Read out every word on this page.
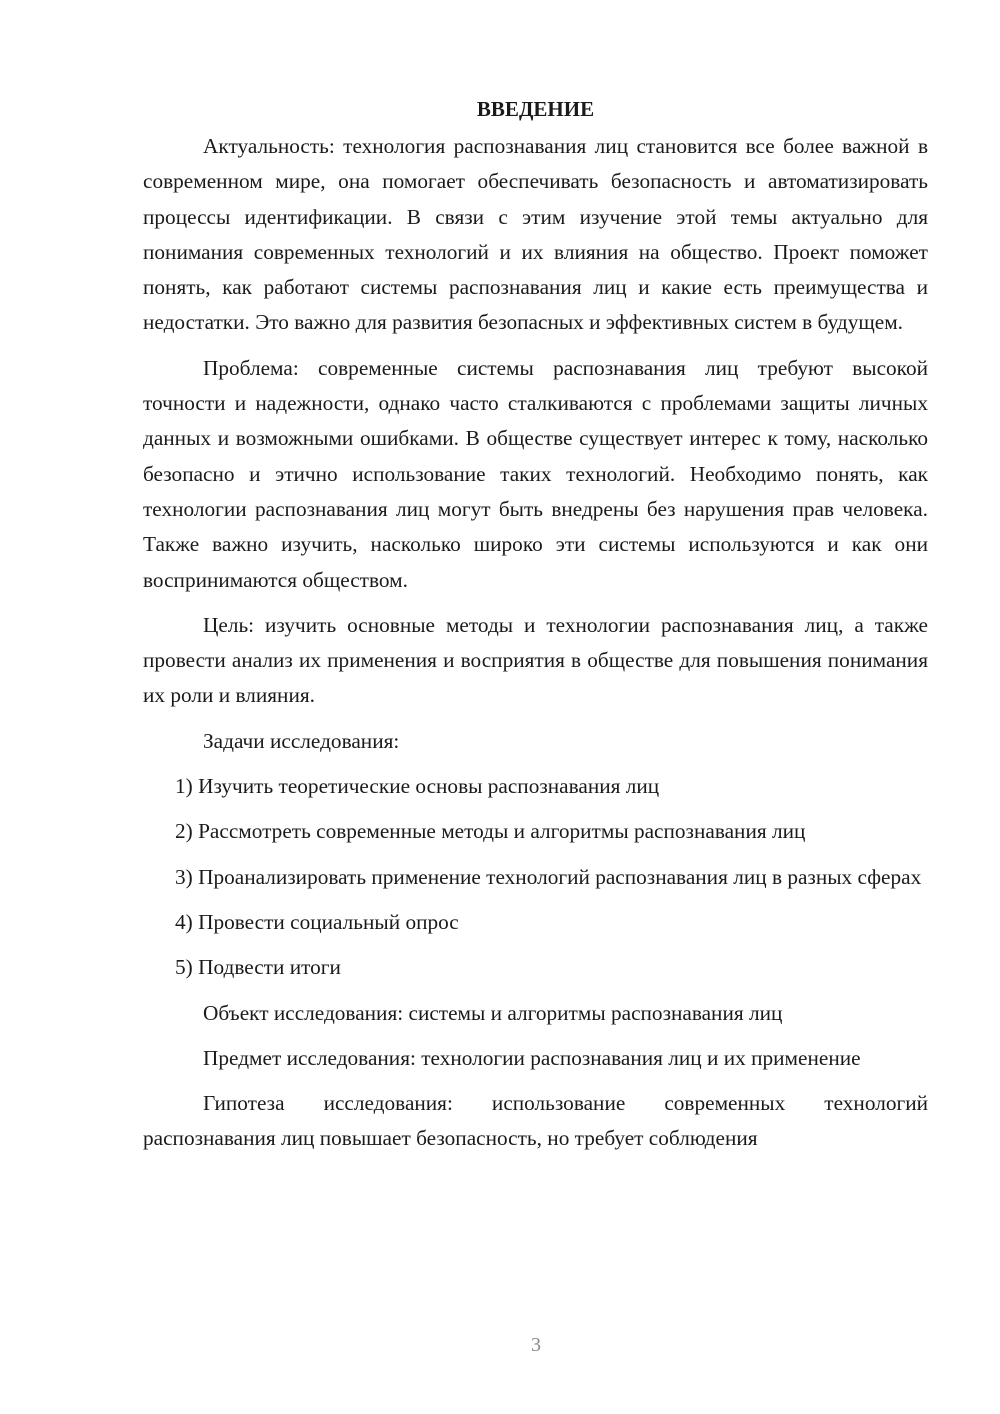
ВВЕДЕНИЕ

Актуальность: технология распознавания лиц становится все более важной в современном мире, она помогает обеспечивать безопасность и автоматизировать процессы идентификации. В связи с этим изучение этой темы актуально для понимания современных технологий и их влияния на общество. Проект поможет понять, как работают системы распознавания лиц и какие есть преимущества и недостатки. Это важно для развития безопасных и эффективных систем в будущем.

Проблема: современные системы распознавания лиц требуют высокой точности и надежности, однако часто сталкиваются с проблемами защиты личных данных и возможными ошибками. В обществе существует интерес к тому, насколько безопасно и этично использование таких технологий. Необходимо понять, как технологии распознавания лиц могут быть внедрены без нарушения прав человека. Также важно изучить, насколько широко эти системы используются и как они воспринимаются обществом.

Цель: изучить основные методы и технологии распознавания лиц, а также провести анализ их применения и восприятия в обществе для повышения понимания их роли и влияния.

Задачи исследования:

1) Изучить теоретические основы распознавания лиц

2) Рассмотреть современные методы и алгоритмы распознавания лиц

3) Проанализировать применение технологий распознавания лиц в разных сферах

4) Провести социальный опрос

5) Подвести итоги

Объект исследования: системы и алгоритмы распознавания лиц

Предмет исследования: технологии распознавания лиц и их применение

Гипотеза исследования: использование современных технологий распознавания лиц повышает безопасность, но требует соблюдения

3
